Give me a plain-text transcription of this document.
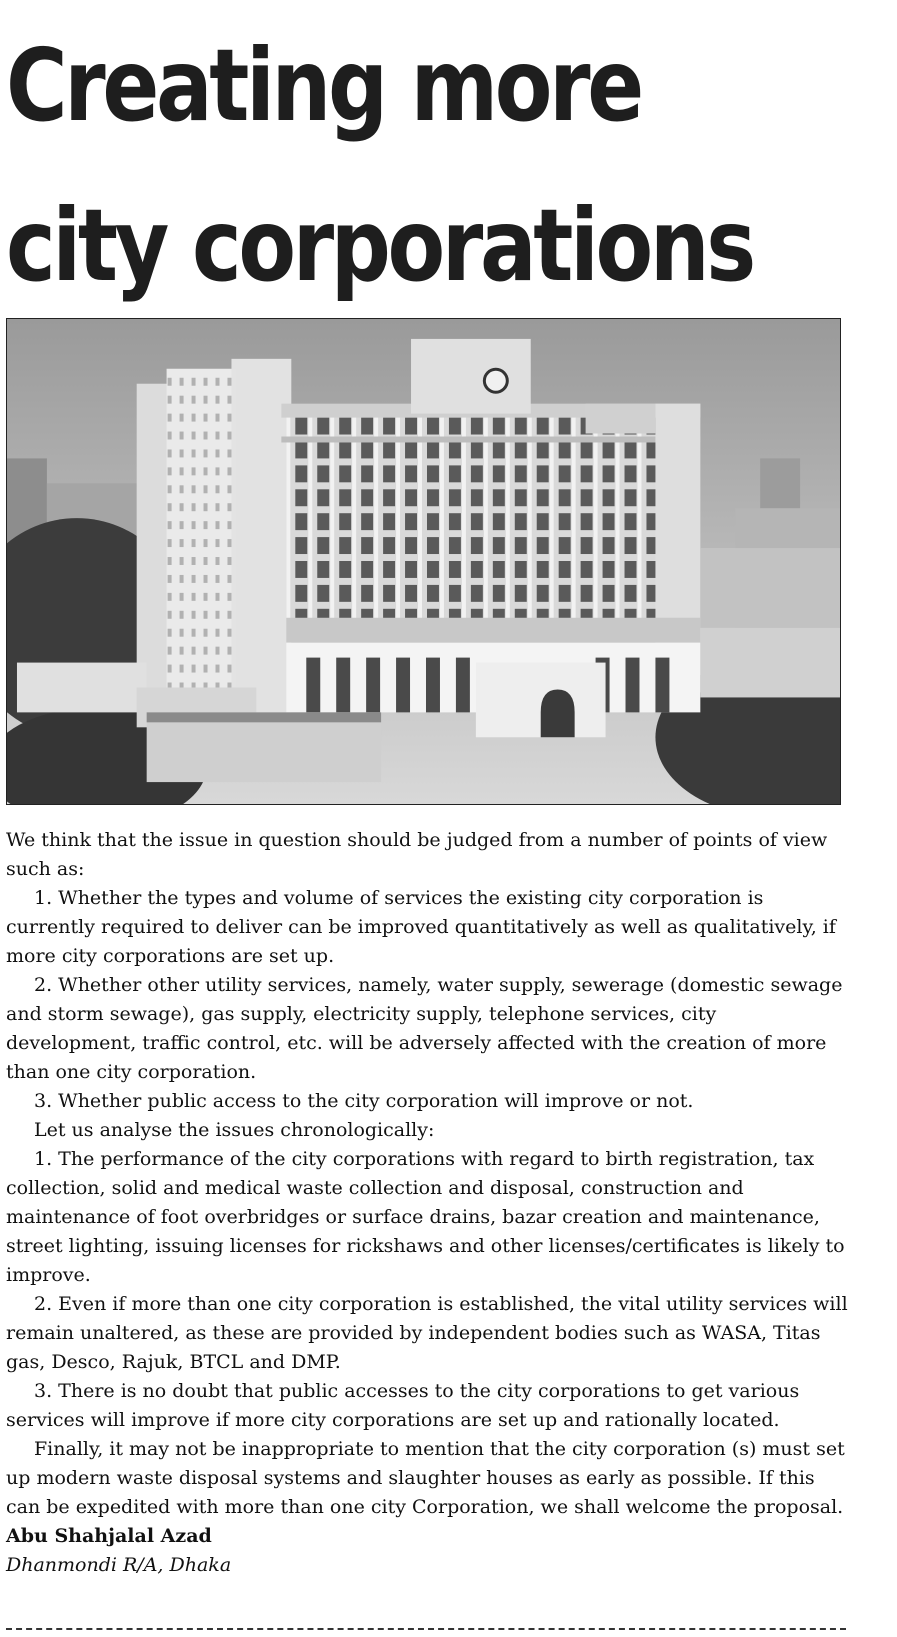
Creating more
city corporations

We think that the issue in question should be judged from a number of points of view such as:

1. Whether the types and volume of services the existing city corporation is currently required to deliver can be improved quantitatively as well as qualitatively, if more city corporations are set up.

2. Whether other utility services, namely, water supply, sewerage (domestic sewage and storm sewage), gas supply, electricity supply, telephone services, city development, traffic control, etc. will be adversely affected with the creation of more than one city corporation.

3. Whether public access to the city corporation will improve or not.

Let us analyse the issues chronologically:

1. The performance of the city corporations with regard to birth registration, tax collection, solid and medical waste collection and disposal, construction and maintenance of foot overbridges or surface drains, bazar creation and maintenance, street lighting, issuing licenses for rickshaws and other licenses/certificates is likely to improve.

2. Even if more than one city corporation is established, the vital utility services will remain unaltered, as these are provided by independent bodies such as WASA, Titas gas, Desco, Rajuk, BTCL and DMP.

3. There is no doubt that public accesses to the city corporations to get various services will improve if more city corporations are set up and rationally located.

Finally, it may not be inappropriate to mention that the city corporation (s) must set up modern waste disposal systems and slaughter houses as early as possible. If this can be expedited with more than one city Corporation, we shall welcome the proposal.

Abu Shahjalal Azad

Dhanmondi R/A, Dhaka
